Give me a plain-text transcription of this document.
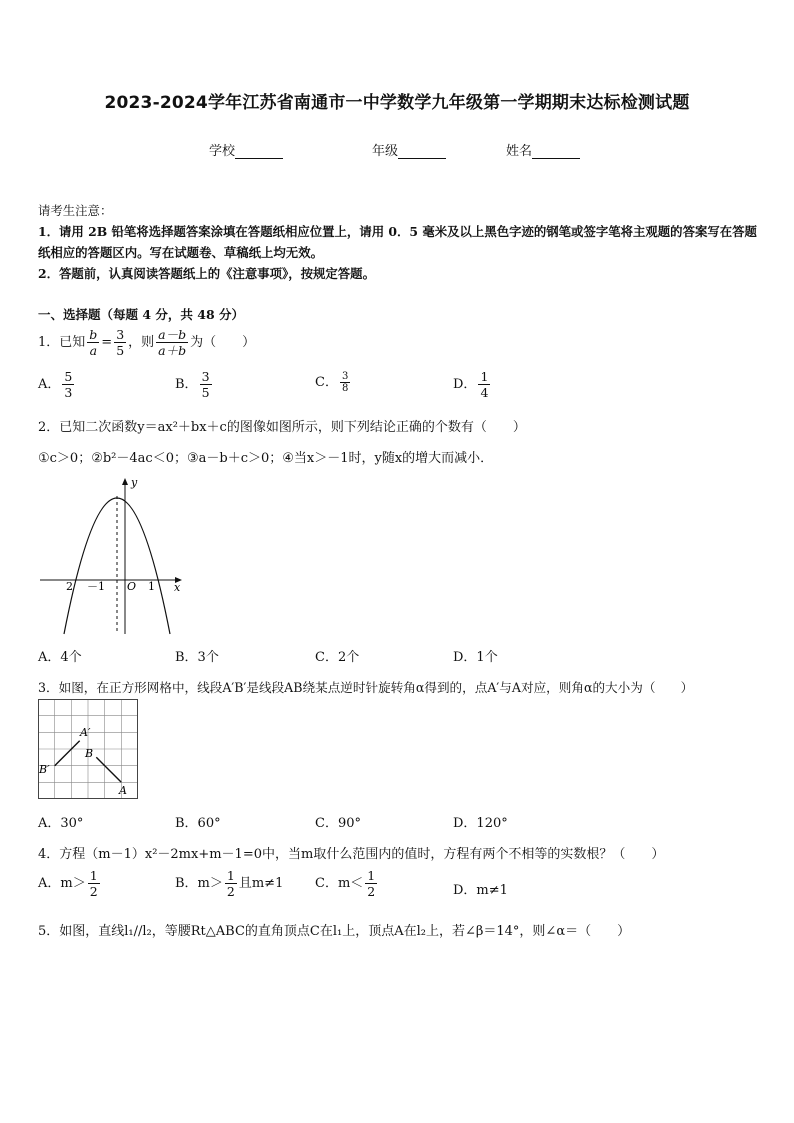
2023-2024学年江苏省南通市一中学数学九年级第一学期期末达标检测试题
学校	年级	姓名
请考生注意：
1．请用 2B 铅笔将选择题答案涂填在答题纸相应位置上，请用 0．5 毫米及以上黑色字迹的钢笔或签字笔将主观题的答案写在答题纸相应的答题区内。写在试题卷、草稿纸上均无效。
2．答题前，认真阅读答题纸上的《注意事项》，按规定答题。
一、选择题（每题 4 分，共 48 分）
1．已知 $\frac{b}{a} = \frac{3}{5}$ ，则 $\frac{a-b}{a+b}$ 为（　　）
A． $\frac{5}{3}$	B． $\frac{3}{5}$	C． $\frac{3}{8}$	D． $\frac{1}{4}$
2．已知二次函数y＝ax²＋bx＋c的图像如图所示，则下列结论正确的个数有（　　）
①c＞0；②b²－4ac＜0；③a－b＋c＞0；④当x＞－1时，y随x的增大而减小．
y
x
O
2 －1	1
A．4个	B．3个	C．2个	D．1个
3．如图，在正方形网格中，线段A′B′是线段AB绕某点逆时针旋转角α得到的，点A′与A对应，则角α的大小为（　　）
A′
B′
B
A
A．30°	B．60°	C．90°	D．120°
4．方程（m－1）x²－2mx+m－1=0中，当m取什么范围内的值时，方程有两个不相等的实数根？（　　）
A．$m> \frac{1}{2}$	B．$m> \frac{1}{2}$ 且m≠1 C．$m< \frac{1}{2}$	D．m≠1
5．如图，直线l₁//l₂，等腰Rt△ABC的直角顶点C在l₁上，顶点A在l₂上，若∠β＝14°，则∠α＝（　　）
